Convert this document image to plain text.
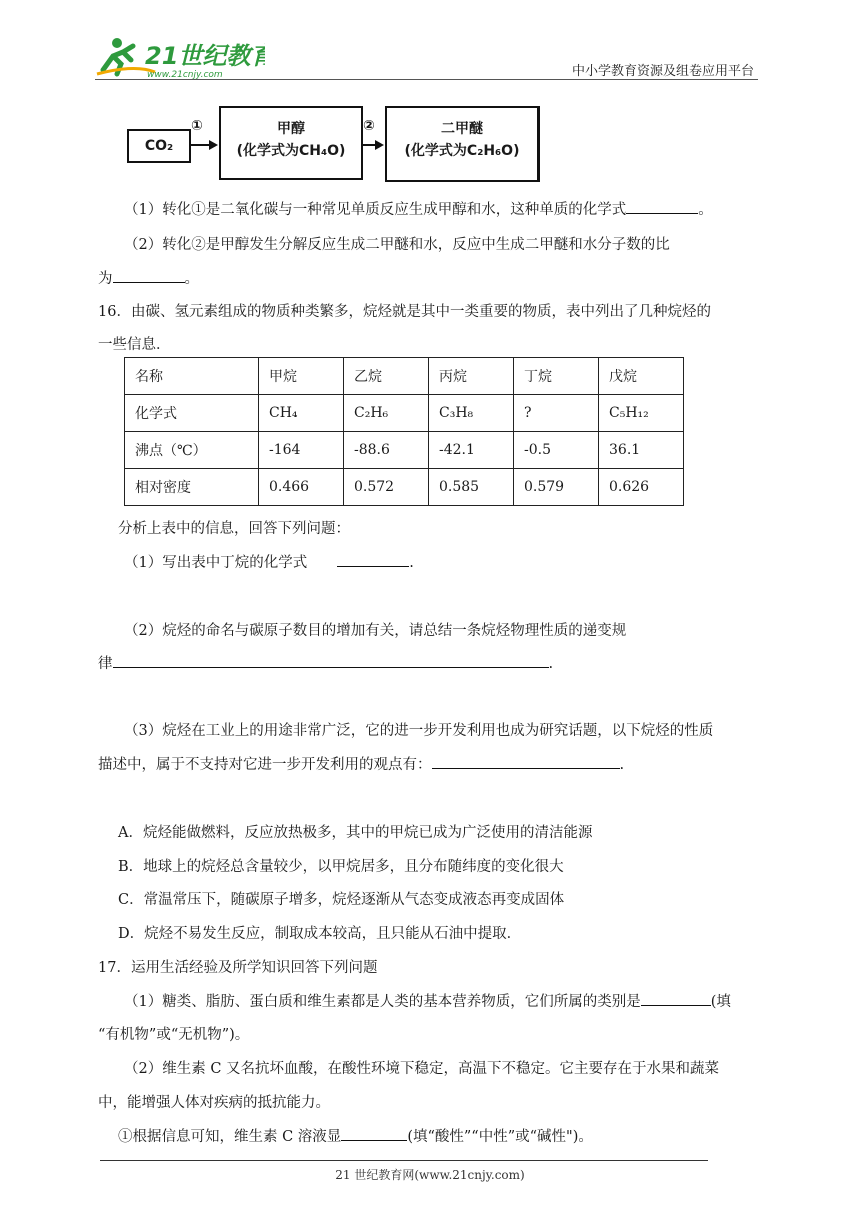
21世纪教育
www.21cnjy.com	中小学教育资源及组卷应用平台
CO₂
①	甲醇
(化学式为CH₄O)
②	二甲醚
(化学式为C₂H₆O)
（1）转化①是二氧化碳与一种常见单质反应生成甲醇和水，这种单质的化学式	。
（2）转化②是甲醇发生分解反应生成二甲醚和水，反应中生成二甲醚和水分子数的比
为	。
16．由碳、氢元素组成的物质种类繁多，烷烃就是其中一类重要的物质，表中列出了几种烷烃的
一些信息．
名称	甲烷	乙烷	丙烷	丁烷	戊烷
化学式	CH₄	C₂H₆	C₃H₈	?	C₅H₁₂
沸点（℃）	-164	-88.6	-42.1	-0.5	36.1
相对密度	0.466	0.572	0.585	0.579	0.626
分析上表中的信息，回答下列问题：
（1）写出表中丁烷的化学式	.
（2）烷烃的命名与碳原子数目的增加有关，请总结一条烷烃物理性质的递变规
律	.
（3）烷烃在工业上的用途非常广泛，它的进一步开发利用也成为研究话题，以下烷烃的性质
描述中，属于不支持对它进一步开发利用的观点有：	.
A．烷烃能做燃料，反应放热极多，其中的甲烷已成为广泛使用的清洁能源
B．地球上的烷烃总含量较少，以甲烷居多，且分布随纬度的变化很大
C．常温常压下，随碳原子增多，烷烃逐渐从气态变成液态再变成固体
D．烷烃不易发生反应，制取成本较高，且只能从石油中提取．
17．运用生活经验及所学知识回答下列问题
（1）糖类、脂肪、蛋白质和维生素都是人类的基本营养物质，它们所属的类别是	(填
“有机物”或“无机物”)。
（2）维生素 C 又名抗坏血酸，在酸性环境下稳定，高温下不稳定。它主要存在于水果和蔬菜
中，能增强人体对疾病的抵抗能力。
①根据信息可知，维生素 C 溶液显	(填“酸性”“中性”或“碱性")。
21 世纪教育网(www.21cnjy.com)
